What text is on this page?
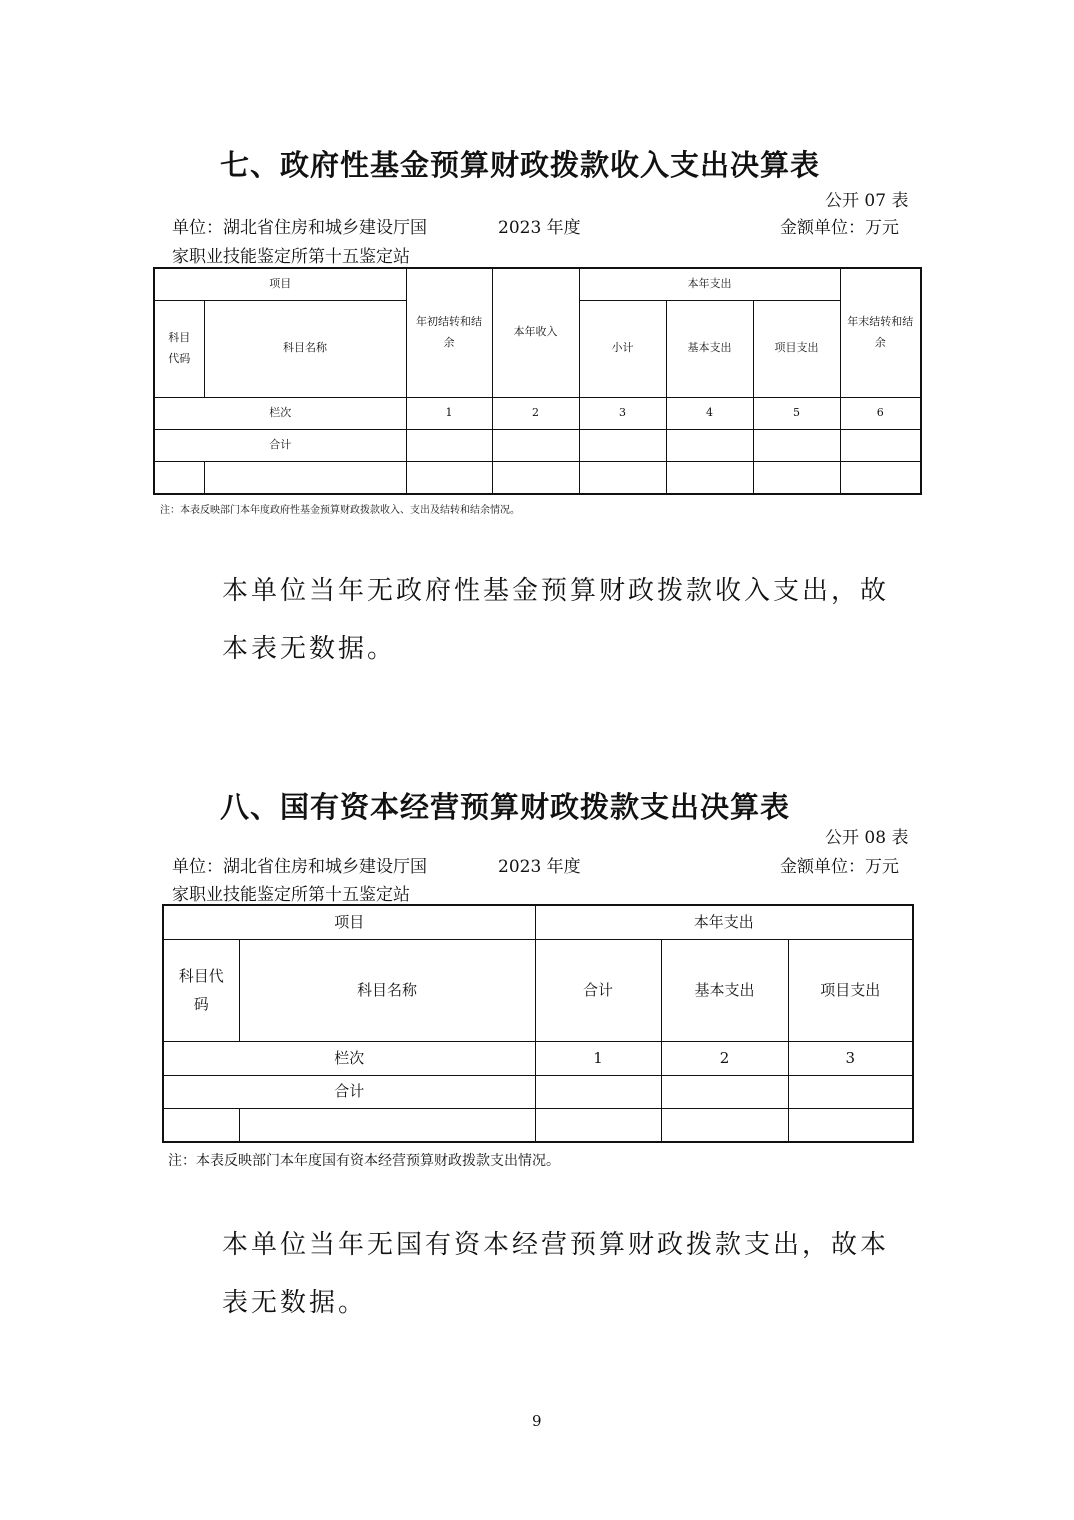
七、政府性基金预算财政拨款收入支出决算表
公开 07 表
单位：湖北省住房和城乡建设厅国	2023 年度	金额单位：万元
家职业技能鉴定所第十五鉴定站
项目		年初结转和结余	本年收入	本年支出			年末结转和结余

科目代码	科目名称			小计	基本支出	项目支出	
栏次		1	2	3	4	5	6
合计							

注：本表反映部门本年度政府性基金预算财政拨款收入、支出及结转和结余情况。
本单位当年无政府性基金预算财政拨款收入支出，故本表无数据。
八、国有资本经营预算财政拨款支出决算表
公开 08 表
单位：湖北省住房和城乡建设厅国	2023 年度	金额单位：万元
家职业技能鉴定所第十五鉴定站
项目		本年支出		

科目代码	科目名称	合计	基本支出	项目支出
栏次		1	2	3
合计				

注：本表反映部门本年度国有资本经营预算财政拨款支出情况。
本单位当年无国有资本经营预算财政拨款支出，故本表无数据。
9
